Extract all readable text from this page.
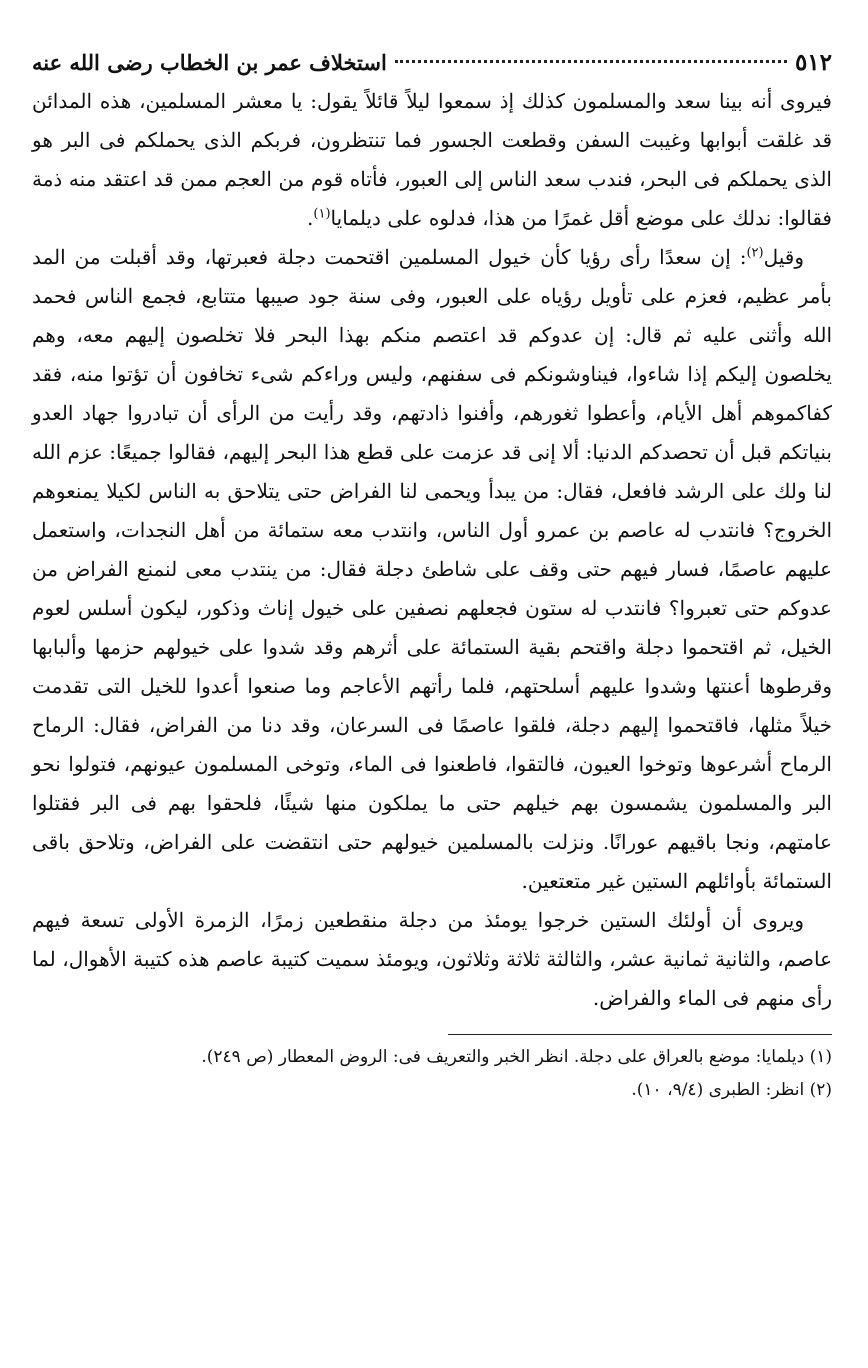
٥١٢
استخلاف عمر بن الخطاب رضى الله عنه

فيروى أنه بينا سعد والمسلمون كذلك إذ سمعوا ليلاً قائلاً يقول: يا معشر المسلمين، هذه المدائن قد غلقت أبوابها وغيبت السفن وقطعت الجسور فما تنتظرون، فربكم الذى يحملكم فى البر هو الذى يحملكم فى البحر، فندب سعد الناس إلى العبور، فأتاه قوم من العجم ممن قد اعتقد منه ذمة فقالوا: ندلك على موضع أقل غمرًا من هذا، فدلوه على ديلمايا$^{(١)}$.

وقيل$^{(٢)}$: إن سعدًا رأى رؤيا كأن خيول المسلمين اقتحمت دجلة فعبرتها، وقد أقبلت من المد بأمر عظيم، فعزم على تأويل رؤياه على العبور، وفى سنة جود صيبها متتابع، فجمع الناس فحمد الله وأثنى عليه ثم قال: إن عدوكم قد اعتصم منكم بهذا البحر فلا تخلصون إليهم معه، وهم يخلصون إليكم إذا شاءوا، فيناوشونكم فى سفنهم، وليس وراءكم شىء تخافون أن تؤتوا منه، فقد كفاكموهم أهل الأيام، وأعطوا ثغورهم، وأفنوا ذادتهم، وقد رأيت من الرأى أن تبادروا جهاد العدو بنياتكم قبل أن تحصدكم الدنيا: ألا إنى قد عزمت على قطع هذا البحر إليهم، فقالوا جميعًا: عزم الله لنا ولك على الرشد فافعل، فقال: من يبدأ ويحمى لنا الفراض حتى يتلاحق به الناس لكيلا يمنعوهم الخروج؟ فانتدب له عاصم بن عمرو أول الناس، وانتدب معه ستمائة من أهل النجدات، واستعمل عليهم عاصمًا، فسار فيهم حتى وقف على شاطئ دجلة فقال: من ينتدب معى لنمنع الفراض من عدوكم حتى تعبروا؟ فانتدب له ستون فجعلهم نصفين على خيول إناث وذكور، ليكون أسلس لعوم الخيل، ثم اقتحموا دجلة واقتحم بقية الستمائة على أثرهم وقد شدوا على خيولهم حزمها وألبابها وقرطوها أعنتها وشدوا عليهم أسلحتهم، فلما رأتهم الأعاجم وما صنعوا أعدوا للخيل التى تقدمت خيلاً مثلها، فاقتحموا إليهم دجلة، فلقوا عاصمًا فى السرعان، وقد دنا من الفراض، فقال: الرماح الرماح أشرعوها وتوخوا العيون، فالتقوا، فاطعنوا فى الماء، وتوخى المسلمون عيونهم، فتولوا نحو البر والمسلمون يشمسون بهم خيلهم حتى ما يملكون منها شيئًا، فلحقوا بهم فى البر فقتلوا عامتهم، ونجا باقيهم عورانًا. ونزلت بالمسلمين خيولهم حتى انتقضت على الفراض، وتلاحق باقى الستمائة بأوائلهم الستين غير متعتعين.

ويروى أن أولئك الستين خرجوا يومئذ من دجلة منقطعين زمرًا، الزمرة الأولى تسعة فيهم عاصم، والثانية ثمانية عشر، والثالثة ثلاثة وثلاثون، ويومئذ سميت كتيبة عاصم هذه كتيبة الأهوال، لما رأى منهم فى الماء والفراض.

(١) ديلمايا: موضع بالعراق على دجلة. انظر الخبر والتعريف فى: الروض المعطار (ص ٢٤٩).

(٢) انظر: الطبرى (٩/٤، ١٠).
